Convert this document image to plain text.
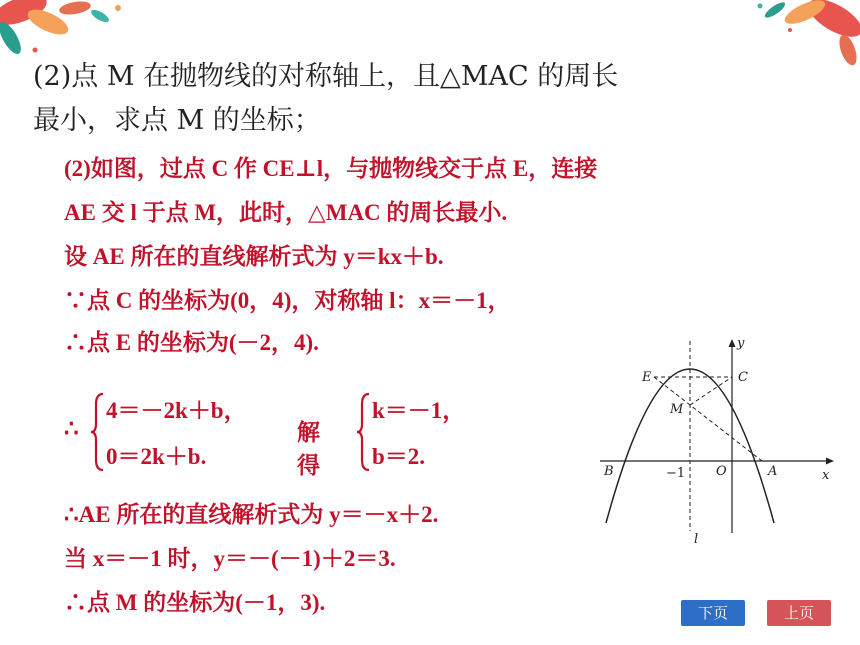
(2)点 M 在抛物线的对称轴上，且△MAC 的周长
最小，求点 M 的坐标；
(2)如图，过点 C 作 CE⊥l，与抛物线交于点 E，连接
AE 交 l 于点 M，此时，△MAC 的周长最小.
设 AE 所在的直线解析式为 y＝kx＋b.
∵点 C 的坐标为(0，4)，对称轴 l：x＝－1，
∴点 E 的坐标为(－2，4).
∴
4＝－2k＋b，
0＝2k＋b.
解得
k＝－1，
b＝2.
∴AE 所在的直线解析式为 y＝－x＋2.
当 x＝－1 时，y＝－(－1)＋2＝3.
∴点 M 的坐标为(－1，3).
E	C
M
B	−1 O	A	x
y
l
下页	上页
